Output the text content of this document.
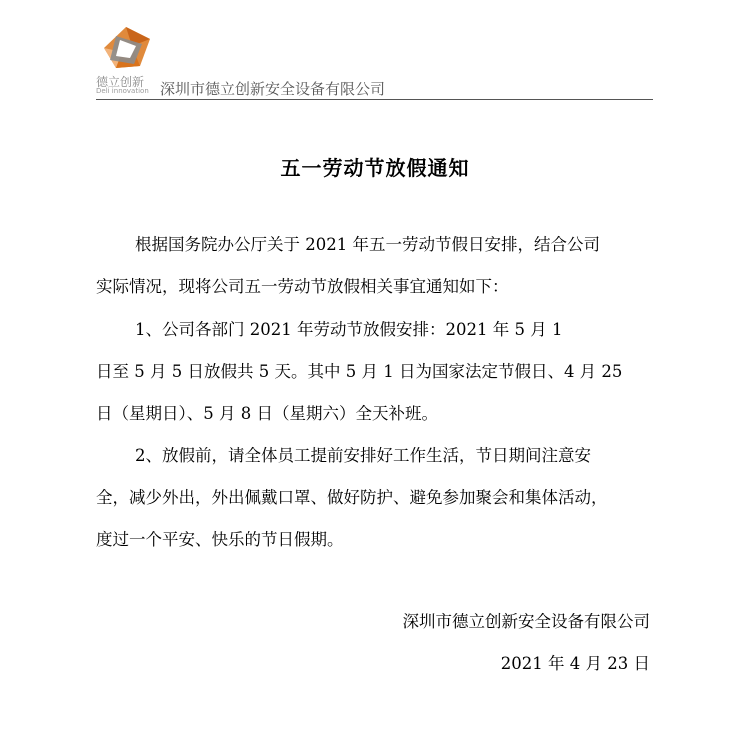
德立创新
Deli innovation 深圳市德立创新安全设备有限公司
五一劳动节放假通知
根据国务院办公厅关于 2021 年五一劳动节假日安排，结合公司
实际情况，现将公司五一劳动节放假相关事宜通知如下：
1、公司各部门 2021 年劳动节放假安排：2021 年 5 月 1
日至 5 月 5 日放假共 5 天。其中 5 月 1 日为国家法定节假日、4 月 25
日（星期日）、5 月 8 日（星期六）全天补班。
2、放假前，请全体员工提前安排好工作生活，节日期间注意安
全，减少外出，外出佩戴口罩、做好防护、避免参加聚会和集体活动，
度过一个平安、快乐的节日假期。
深圳市德立创新安全设备有限公司
2021 年 4 月 23 日
